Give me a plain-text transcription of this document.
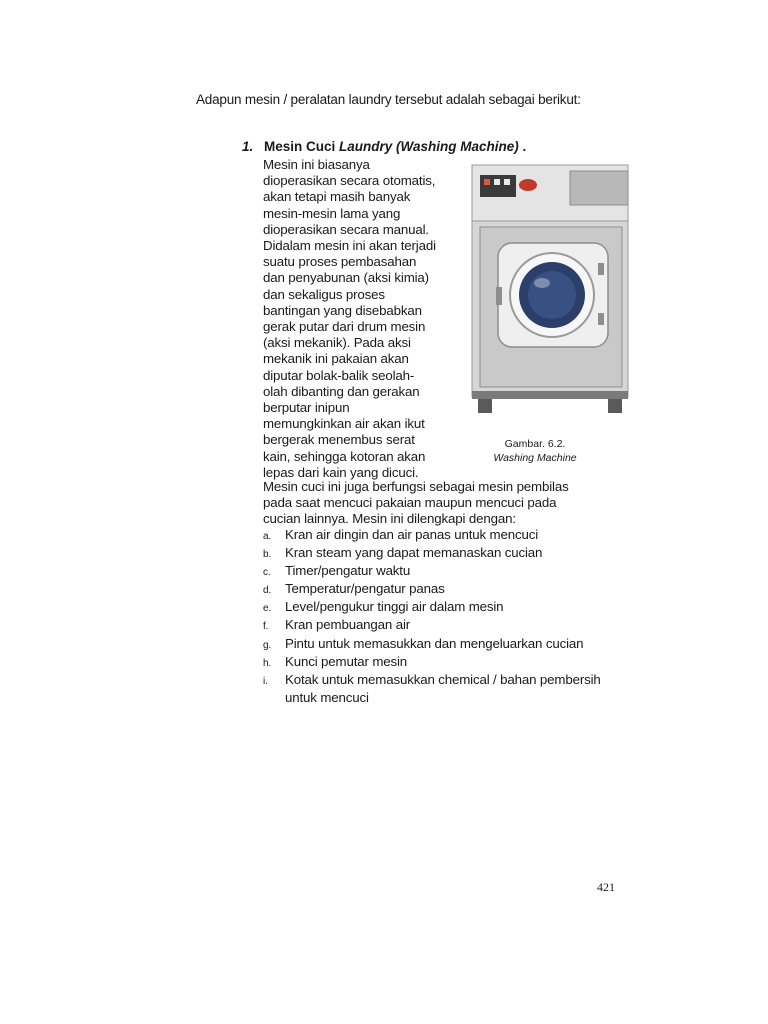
Adapun mesin / peralatan laundry tersebut adalah sebagai berikut:
1. Mesin Cuci Laundry (Washing Machine) .
Mesin ini biasanya
dioperasikan secara otomatis,
akan tetapi masih banyak
mesin-mesin lama yang
dioperasikan secara manual.
Didalam mesin ini akan terjadi
suatu proses pembasahan
dan penyabunan (aksi kimia)
dan sekaligus proses
bantingan yang disebabkan
gerak putar dari drum mesin
(aksi mekanik). Pada aksi
mekanik ini pakaian akan
diputar bolak-balik seolah-
olah dibanting dan gerakan
berputar inipun
memungkinkan air akan ikut
bergerak menembus serat
kain, sehingga kotoran akan
lepas dari kain yang dicuci.
Gambar. 6.2.
Washing Machine
Mesin cuci ini juga berfungsi sebagai mesin pembilas
pada saat mencuci pakaian maupun mencuci pada
cucian lainnya. Mesin ini dilengkapi dengan:
a.	Kran air dingin dan air panas untuk mencuci
b.	Kran steam yang dapat memanaskan cucian
c.	Timer/pengatur waktu
d.	Temperatur/pengatur panas
e.	Level/pengukur tinggi air dalam mesin
f.	Kran pembuangan air
g.	Pintu untuk memasukkan dan mengeluarkan cucian
h.	Kunci pemutar mesin
i.	Kotak untuk memasukkan chemical / bahan pembersih
untuk mencuci
421
